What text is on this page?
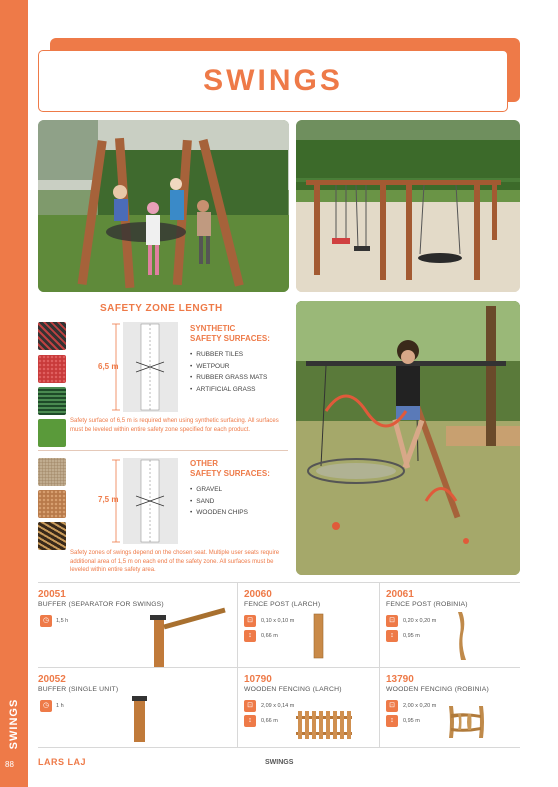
SWINGS
88
SWINGS
SAFETY ZONE LENGTH
6,5 m
SYNTHETIC
SAFETY SURFACES:
• RUBBER TILES
• WETPOUR
• RUBBER GRASS MATS
• ARTIFICIAL GRASS
Safety surface of 6,5 m is required when using synthetic surfacing. All surfaces must be leveled within entire safety zone specified for each product.
7,5 m
OTHER
SAFETY SURFACES:
• GRAVEL
• SAND
• WOODEN CHIPS
Safety zones of swings depend on the chosen seat. Multiple user seats require additional area of 1,5 m on each end of the safety zone. All surfaces must be leveled within entire safety area.
20051
BUFFER (SEPARATOR FOR SWINGS)
◷	1,5 h
20060
FENCE POST (LARCH)
⊡	0,10 x 0,10 m
↕	0,66 m
20061
FENCE POST (ROBINIA)
⊡	0,20 x 0,20 m
↕	0,95 m
20052
BUFFER (SINGLE UNIT)
◷	1 h
10790
WOODEN FENCING (LARCH)
⊡	2,09 x 0,14 m
↕	0,66 m
13790
WOODEN FENCING (ROBINIA)
⊡	2,00 x 0,20 m
↕	0,95 m
LARS LAJ	SWINGS
